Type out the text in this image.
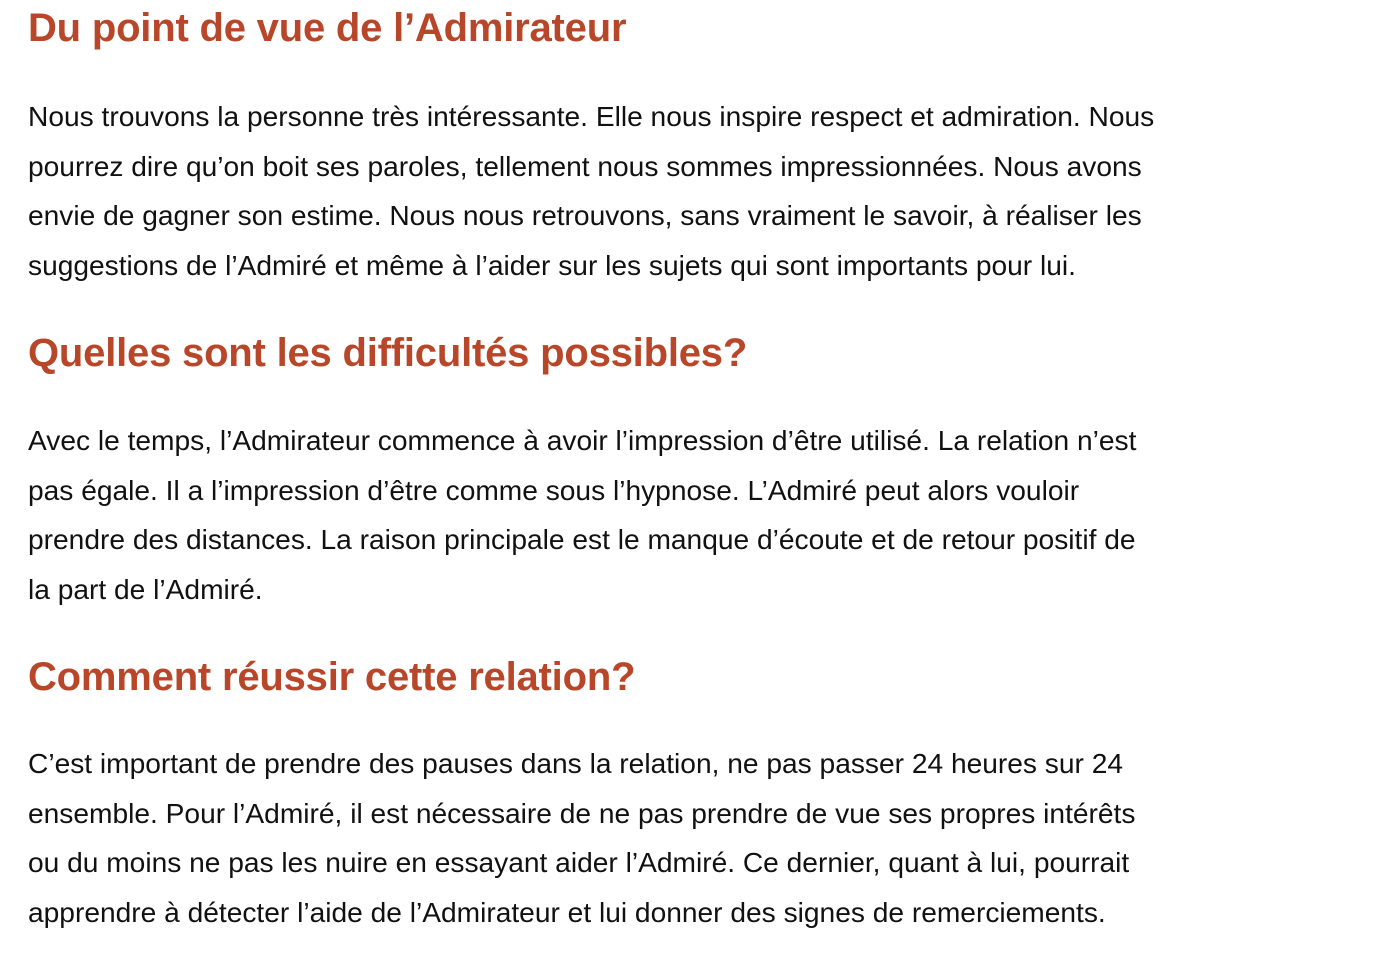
Du point de vue de l’Admirateur

Nous trouvons la personne très intéressante. Elle nous inspire respect et admiration. Nous
pourrez dire qu’on boit ses paroles, tellement nous sommes impressionnées. Nous avons
envie de gagner son estime. Nous nous retrouvons, sans vraiment le savoir, à réaliser les
suggestions de l’Admiré et même à l’aider sur les sujets qui sont importants pour lui.

Quelles sont les difficultés possibles?

Avec le temps, l’Admirateur commence à avoir l’impression d’être utilisé. La relation n’est
pas égale. Il a l’impression d’être comme sous l’hypnose. L’Admiré peut alors vouloir
prendre des distances. La raison principale est le manque d’écoute et de retour positif de
la part de l’Admiré.

Comment réussir cette relation?

C’est important de prendre des pauses dans la relation, ne pas passer 24 heures sur 24
ensemble. Pour l’Admiré, il est nécessaire de ne pas prendre de vue ses propres intérêts
ou du moins ne pas les nuire en essayant aider l’Admiré. Ce dernier, quant à lui, pourrait
apprendre à détecter l’aide de l’Admirateur et lui donner des signes de remerciements.
